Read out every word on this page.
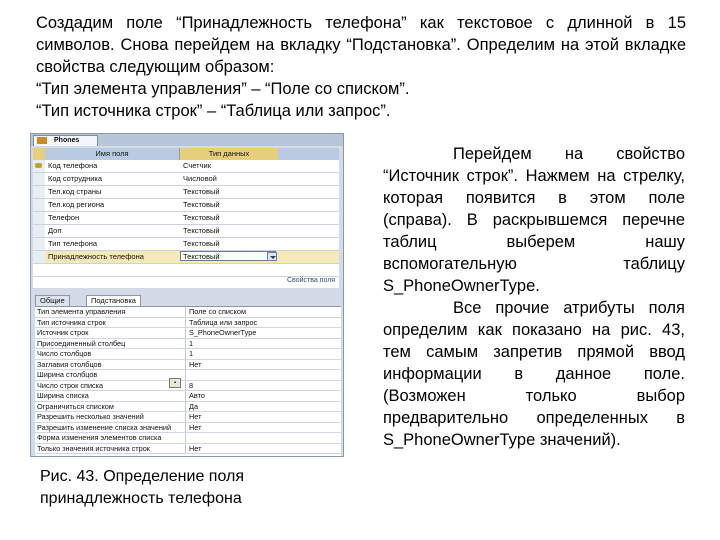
Создадим поле “Принадлежность телефона” как текстовое с длинной в 15 символов. Снова перейдем на вкладку “Подстановка”. Определим на этой вкладке свойства следующим образом:

“Тип элемента управления” – “Поле со списком”.

“Тип источника строк” – “Таблица или запрос”.

Phones
Имя поля	Тип данных
Код телефона	Счетчик
Код сотрудника	Числовой
Тел.код страны	Текстовый
Тел.код региона	Текстовый
Телефон	Текстовый
Доп	Текстовый
Тип телефона	Текстовый
Принадлежность телефона	Текстовый
Свойства поля
Общие	Подстановка
Тип элемента управления	Поле со списком
Тип источника строк	Таблица или запрос
Источник строк	S_PhoneOwnerType
Присоединенный столбец	1
Число столбцов	1
Заглавия столбцов	Нет
Ширина столбцов
Число строк списка	8
Ширина списка	Авто
Ограничиться списком	Да
Разрешить несколько значений	Нет
Разрешить изменение списка значений Нет
Форма изменения элементов списка
Только значения источника строк	Нет
▪

Перейдем на свойство “Источник строк”. Нажмем на стрелку, которая появится в этом поле (справа). В раскрывшемся перечне таблиц выберем нашу вспомогательную таблицу S_PhoneOwnerType.

Все прочие атрибуты поля определим как показано на рис. 43, тем самым запретив прямой ввод информации в данное поле. (Возможен только выбор предварительно определенных в S_PhoneOwnerType значений).

Рис. 43. Определение поля
принадлежность телефона
